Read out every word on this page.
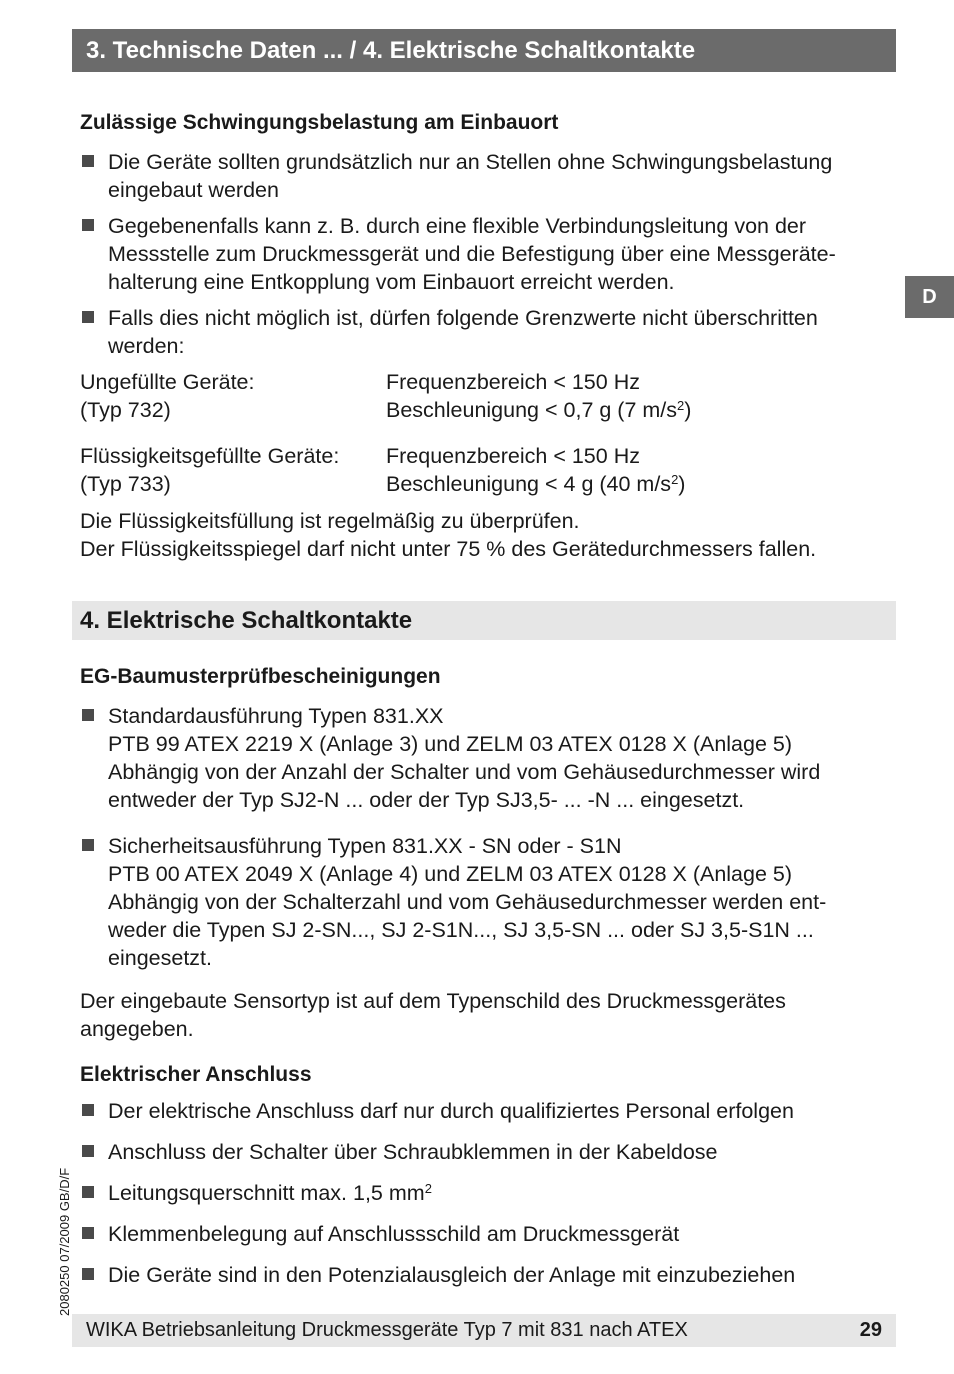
3. Technische Daten ... / 4. Elektrische Schaltkontakte
D

Zulässige Schwingungsbelastung am Einbauort

Die Geräte sollten grundsätzlich nur an Stellen ohne Schwingungsbelastung
eingebaut werden
Gegebenenfalls kann z. B. durch eine flexible Verbindungsleitung von der
Messstelle zum Druckmessgerät und die Befestigung über eine Messgeräte-
halterung eine Entkopplung vom Einbauort erreicht werden.
Falls dies nicht möglich ist, dürfen folgende Grenzwerte nicht überschritten
werden:
Ungefüllte Geräte:	Frequenzbereich < 150 Hz
(Typ 732)	Beschleunigung < 0,7 g (7 $m/s^2$)
Flüssigkeitsgefüllte Geräte:	Frequenzbereich < 150 Hz
(Typ 733)	Beschleunigung < 4 g (40 $m/s^2$)

Die Flüssigkeitsfüllung ist regelmäßig zu überprüfen.

Der Flüssigkeitsspiegel darf nicht unter 75 % des Gerätedurchmessers fallen.

4. Elektrische Schaltkontakte

EG-Baumusterprüfbescheinigungen

Standardausführung Typen 831.XX
PTB 99 ATEX 2219 X (Anlage 3) und ZELM 03 ATEX 0128 X (Anlage 5)
Abhängig von der Anzahl der Schalter und vom Gehäusedurchmesser wird
entweder der Typ SJ2-N ... oder der Typ SJ3,5- ... -N ... eingesetzt.
Sicherheitsausführung Typen 831.XX - SN oder - S1N
PTB 00 ATEX 2049 X (Anlage 4) und ZELM 03 ATEX 0128 X (Anlage 5)
Abhängig von der Schalterzahl und vom Gehäusedurchmesser werden ent-
weder die Typen SJ 2-SN..., SJ 2-S1N..., SJ 3,5-SN ... oder SJ 3,5-S1N ...
eingesetzt.

Der eingebaute Sensortyp ist auf dem Typenschild des Druckmessgerätes

angegeben.

Elektrischer Anschluss

Der elektrische Anschluss darf nur durch qualifiziertes Personal erfolgen
Anschluss der Schalter über Schraubklemmen in der Kabeldose
Leitungsquerschnitt max. 1,5 $mm^2$
Klemmenbelegung auf Anschlussschild am Druckmessgerät
Die Geräte sind in den Potenzialausgleich der Anlage mit einzubeziehen
2080250 07/2009 GB/D/F
WIKA Betriebsanleitung Druckmessgeräte Typ 7 mit 831 nach ATEX	29
